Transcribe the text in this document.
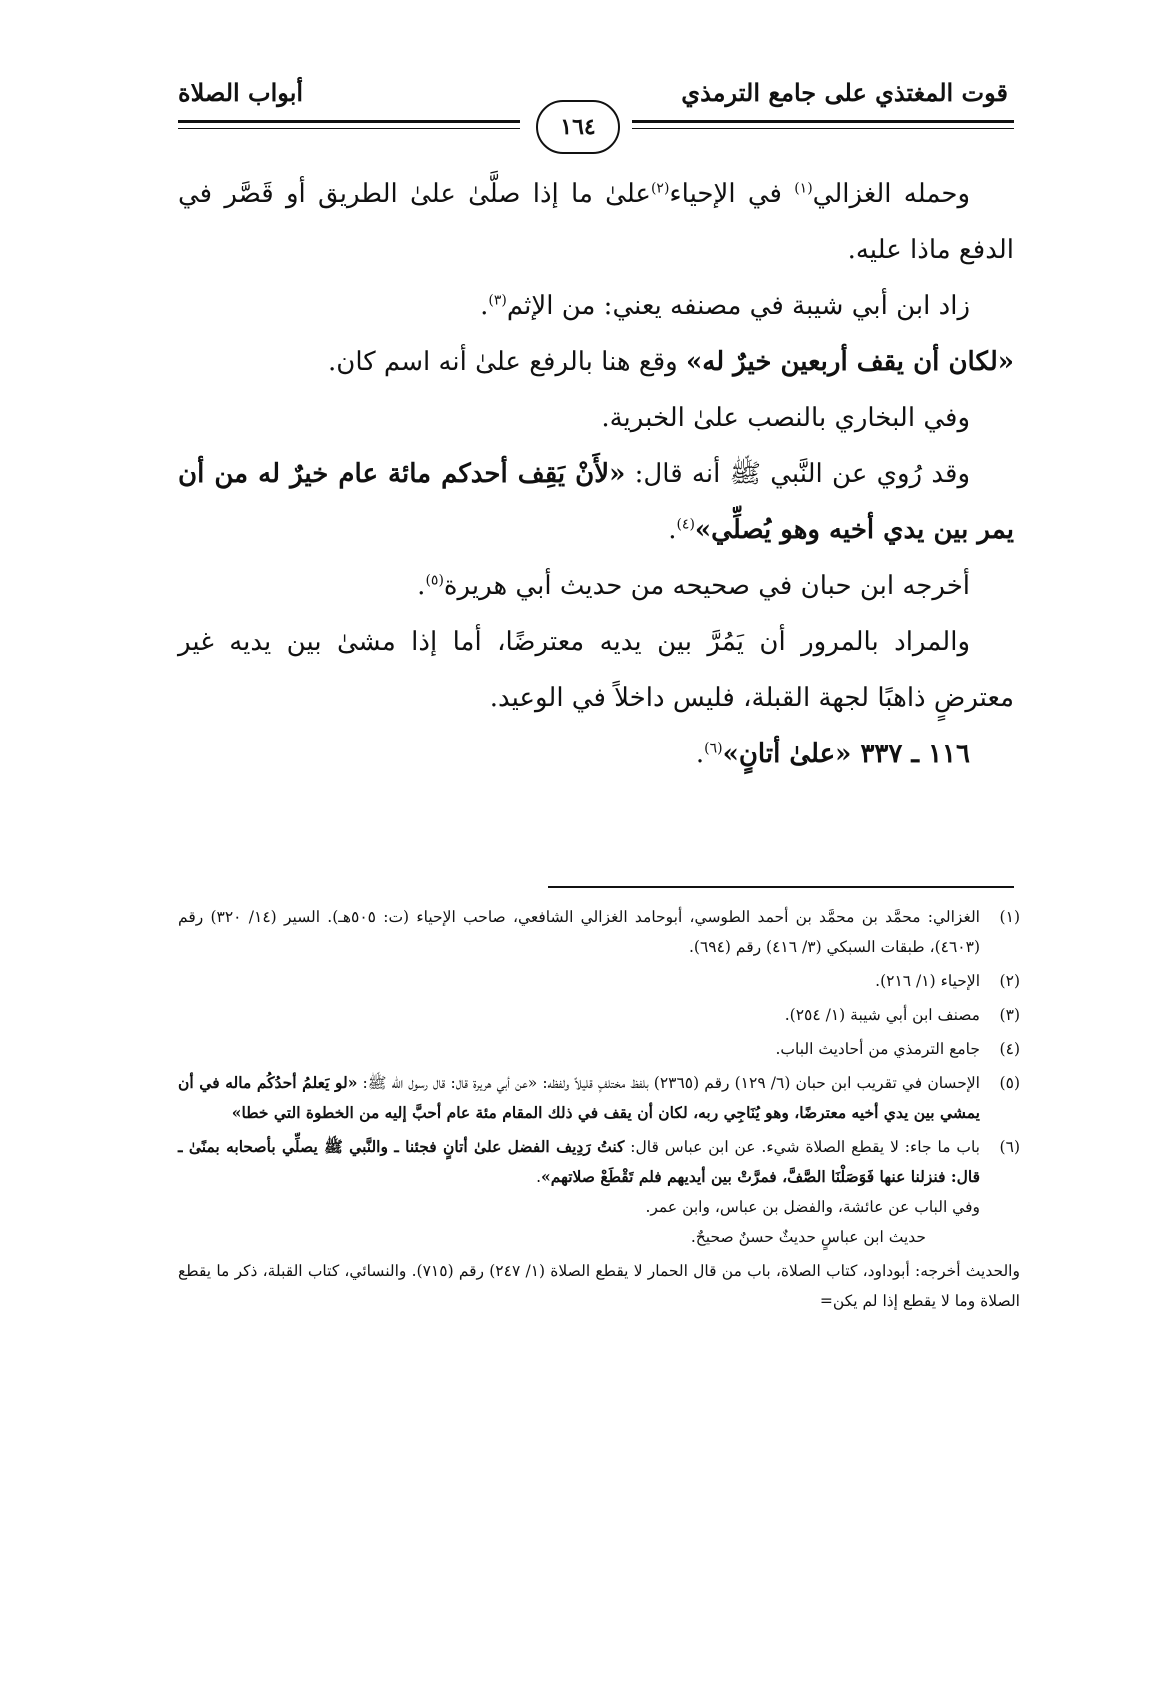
قوت المغتذي على جامع الترمذي
أبواب الصلاة
١٦٤

وحمله الغزالي$^{(١)}$ في الإحياء$^{(٢)}$علىٰ ما إذا صلَّىٰ علىٰ الطريق أو قَصَّر في الدفع ماذا عليه.

زاد ابن أبي شيبة في مصنفه يعني: من الإثم$^{(٣)}$.

«لكان أن يقف أربعين خيرٌ له» وقع هنا بالرفع علىٰ أنه اسم كان.

وفي البخاري بالنصب علىٰ الخبرية.

وقد رُوي عن النَّبي ﷺ أنه قال: «لأَنْ يَقِف أحدكم مائة عام خيرٌ له من أن يمر بين يدي أخيه وهو يُصلِّي»$^{(٤)}$.

أخرجه ابن حبان في صحيحه من حديث أبي هريرة$^{(٥)}$.

والمراد بالمرور أن يَمُرَّ بين يديه معترضًا، أما إذا مشىٰ بين يديه غير معترضٍ ذاهبًا لجهة القبلة، فليس داخلاً في الوعيد.

١١٦ ـ ٣٣٧ «علىٰ أتانٍ»$^{(٦)}$.

(١)
الغزالي: محمَّد بن محمَّد بن أحمد الطوسي، أبوحامد الغزالي الشافعي، صاحب الإحياء (ت: ٥٠٥هـ). السير (١٤/ ٣٢٠) رقم (٤٦٠٣)، طبقات السبكي (٣/ ٤١٦) رقم (٦٩٤).
(٢)
الإحياء (١/ ٢١٦).
(٣)
مصنف ابن أبي شيبة (١/ ٢٥٤).
(٤)
جامع الترمذي من أحاديث الباب.
(٥)
الإحسان في تقريب ابن حبان (٦/ ١٢٩) رقم (٢٣٦٥) بلفظ مختلفٍ قليلاً ولفظه: «عن أبي هريرة قال: قال رسول الله ﷺ: «لو يَعلمُ أحدُكُم ماله في أن يمشي بين يدي أخيه معترضًا، وهو يُنَاجِي ربه، لكان أن يقف في ذلك المقام مئة عام أحبَّ إليه من الخطوة التي خطا»
(٦)

باب ما جاء: لا يقطع الصلاة شيء. عن ابن عباس قال: كنتُ رَدِيف الفضل علىٰ أتانٍ فجئنا ـ والنَّبي ﷺ يصلِّي بأصحابه بمنًىٰ ـ قال: فنزلنا عنها فَوَصَلْنَا الصَّفَّ، فمرَّتْ بين أيديهم فلم تَقْطَعْ صلاتهم».

وفي الباب عن عائشة، والفضل بن عباس، وابن عمر.

حديث ابن عباسٍ حديثٌ حسنٌ صحيحٌ.

والحديث أخرجه: أبوداود، كتاب الصلاة، باب من قال الحمار لا يقطع الصلاة (١/ ٢٤٧) رقم (٧١٥). والنسائي، كتاب القبلة، ذكر ما يقطع الصلاة وما لا يقطع إذا لم يكن=
